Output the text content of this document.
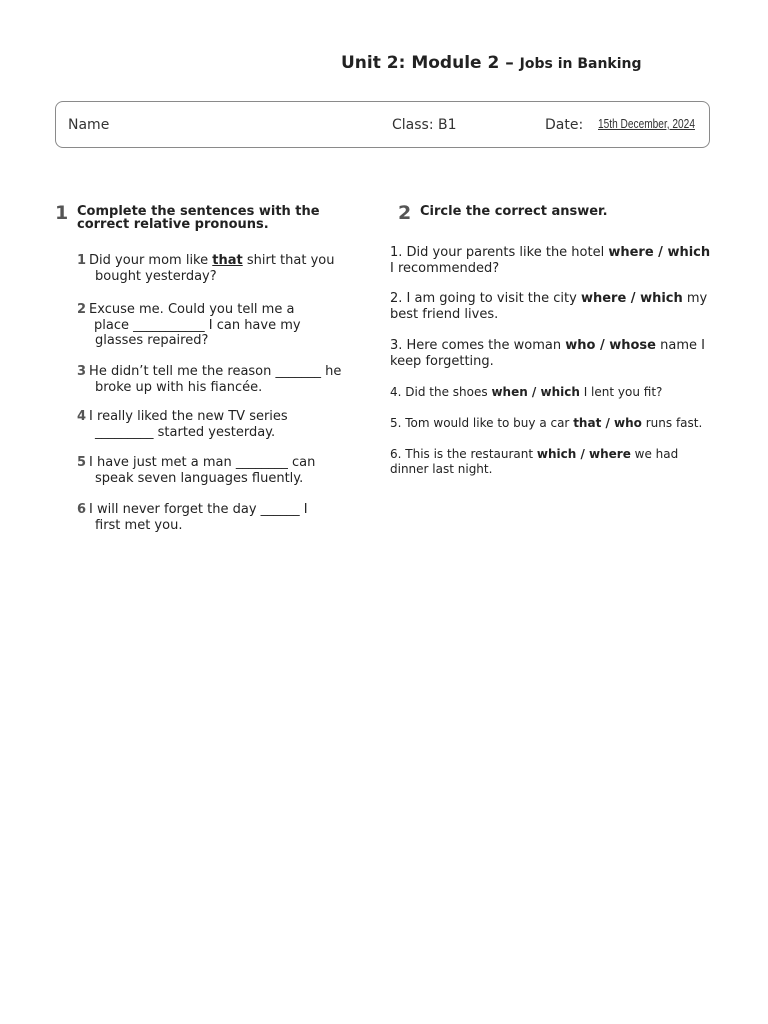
Unit 2: Module 2 – Jobs in Banking
Name	Class: B1	Date: 15th December, 2024
1 Complete the sentences with the
correct relative pronouns.
1 Did your mom like that shirt that you
bought yesterday?
2 Excuse me. Could you tell me a
place ___________ I can have my
glasses repaired?
3 He didn’t tell me the reason _______ he
broke up with his fiancée.
4 I really liked the new TV series
_________ started yesterday.
5 I have just met a man ________ can
speak seven languages fluently.
6 I will never forget the day ______ I
first met you.
2 Circle the correct answer.
1. Did your parents like the hotel where / which
I recommended?
2. I am going to visit the city where / which my
best friend lives.
3. Here comes the woman who / whose name I
keep forgetting.
4. Did the shoes when / which I lent you fit?
5. Tom would like to buy a car that / who runs fast.
6. This is the restaurant which / where we had
dinner last night.
